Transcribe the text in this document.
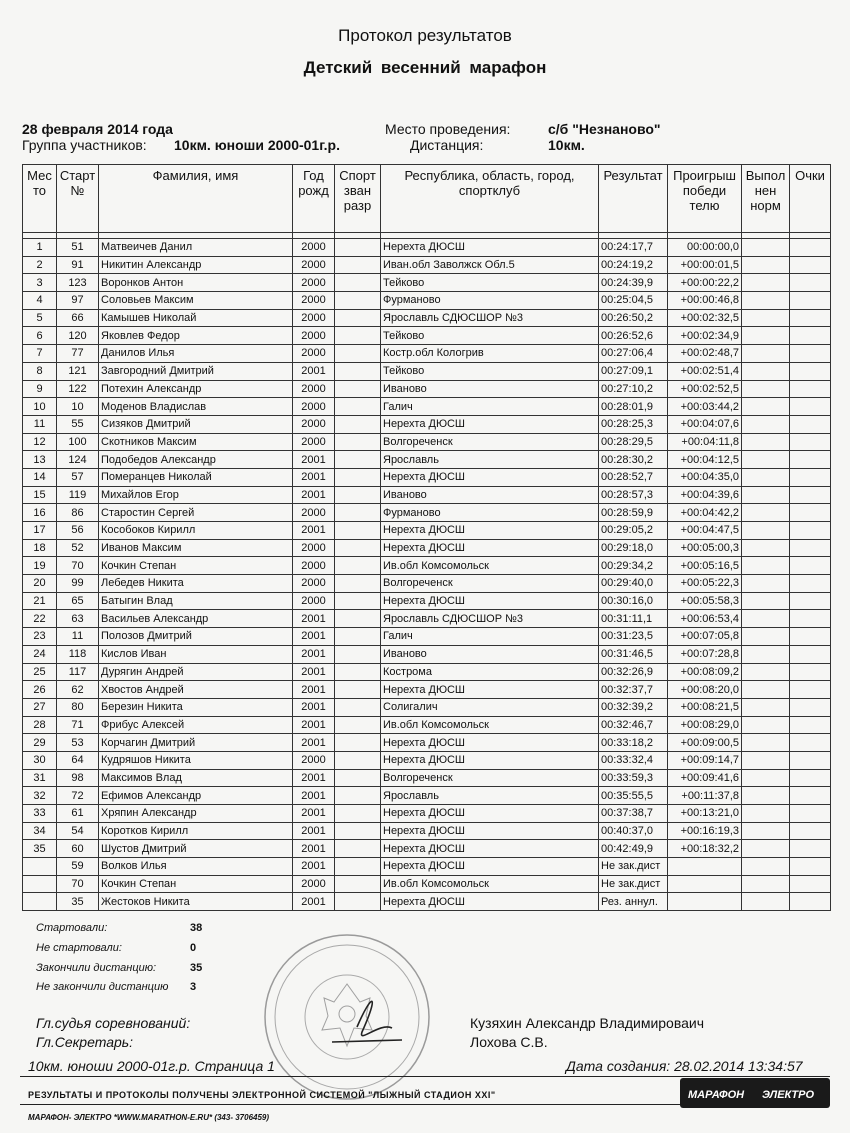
Протокол результатов
Детский весенний марафон
28 февраля 2014 года
Группа участников: 10км. юноши 2000-01г.р.
Место проведения:	с/б "Незнаново"
Дистанция:	10км.
Мес то	Старт №	Фамилия, имя	Год рожд	Спорт зван разр	Республика, область, город, спортклуб	Результат	Проигрыш победи телю	Выпол нен норм	Очки

1	51	Матвеичев Данил	2000		Нерехта ДЮСШ	00:24:17,7	00:00:00,0		
2	91	Никитин Александр	2000		Иван.обл Заволжск Обл.5	00:24:19,2	+00:00:01,5		
3	123	Воронков Антон	2000		Тейково	00:24:39,9	+00:00:22,2		
4	97	Соловьев Максим	2000		Фурманово	00:25:04,5	+00:00:46,8		
5	66	Камышев Николай	2000		Ярославль СДЮСШОР №3	00:26:50,2	+00:02:32,5		
6	120	Яковлев Федор	2000		Тейково	00:26:52,6	+00:02:34,9		
7	77	Данилов Илья	2000		Костр.обл Кологрив	00:27:06,4	+00:02:48,7		
8	121	Завгородний Дмитрий	2001		Тейково	00:27:09,1	+00:02:51,4		
9	122	Потехин Александр	2000		Иваново	00:27:10,2	+00:02:52,5		
10	10	Моденов Владислав	2000		Галич	00:28:01,9	+00:03:44,2		
11	55	Сизяков Дмитрий	2000		Нерехта ДЮСШ	00:28:25,3	+00:04:07,6		
12	100	Скотников Максим	2000		Волгореченск	00:28:29,5	+00:04:11,8		
13	124	Подобедов Александр	2001		Ярославль	00:28:30,2	+00:04:12,5		
14	57	Померанцев Николай	2001		Нерехта ДЮСШ	00:28:52,7	+00:04:35,0		
15	119	Михайлов Егор	2001		Иваново	00:28:57,3	+00:04:39,6		
16	86	Старостин Сергей	2000		Фурманово	00:28:59,9	+00:04:42,2		
17	56	Кособоков Кирилл	2001		Нерехта ДЮСШ	00:29:05,2	+00:04:47,5		
18	52	Иванов Максим	2000		Нерехта ДЮСШ	00:29:18,0	+00:05:00,3		
19	70	Кочкин Степан	2000		Ив.обл Комсомольск	00:29:34,2	+00:05:16,5		
20	99	Лебедев Никита	2000		Волгореченск	00:29:40,0	+00:05:22,3		
21	65	Батыгин Влад	2000		Нерехта ДЮСШ	00:30:16,0	+00:05:58,3		
22	63	Васильев Александр	2001		Ярославль СДЮСШОР №3	00:31:11,1	+00:06:53,4		
23	11	Полозов Дмитрий	2001		Галич	00:31:23,5	+00:07:05,8		
24	118	Кислов Иван	2001		Иваново	00:31:46,5	+00:07:28,8		
25	117	Дурягин Андрей	2001		Кострома	00:32:26,9	+00:08:09,2		
26	62	Хвостов Андрей	2001		Нерехта ДЮСШ	00:32:37,7	+00:08:20,0		
27	80	Березин Никита	2001		Солигалич	00:32:39,2	+00:08:21,5		
28	71	Фрибус Алексей	2001		Ив.обл Комсомольск	00:32:46,7	+00:08:29,0		
29	53	Корчагин Дмитрий	2001		Нерехта ДЮСШ	00:33:18,2	+00:09:00,5		
30	64	Кудряшов Никита	2000		Нерехта ДЮСШ	00:33:32,4	+00:09:14,7		
31	98	Максимов Влад	2001		Волгореченск	00:33:59,3	+00:09:41,6		
32	72	Ефимов Александр	2001		Ярославль	00:35:55,5	+00:11:37,8		
33	61	Хряпин Александр	2001		Нерехта ДЮСШ	00:37:38,7	+00:13:21,0		
34	54	Коротков Кирилл	2001		Нерехта ДЮСШ	00:40:37,0	+00:16:19,3		
35	60	Шустов Дмитрий	2001		Нерехта ДЮСШ	00:42:49,9	+00:18:32,2		
	59	Волков Илья	2001		Нерехта ДЮСШ	Не зак.дист			
	70	Кочкин Степан	2000		Ив.обл Комсомольск	Не зак.дист			
	35	Жестоков Никита	2001		Нерехта ДЮСШ	Рез. аннул.			
Стартовали:	38
Не стартовали:	0
Закончили дистанцию:	35
Не закончили дистанцию 3
Гл.судья соревнований:	Кузяхин Александр Владимироваич
Гл.Секретарь:	Лохова С.В.
10км. юноши 2000-01г.р. Страница 1	Дата создания: 28.02.2014 13:34:57
РЕЗУЛЬТАТЫ И ПРОТОКОЛЫ ПОЛУЧЕНЫ ЭЛЕКТРОННОЙ СИСТЕМОЙ "ЛЫЖНЫЙ СТАДИОН XXI"
МАРАФОН- ЭЛЕКТРО *WWW.MARATHON-E.RU* (343- 3706459)
МАРАФОН ЭЛЕКТРО
